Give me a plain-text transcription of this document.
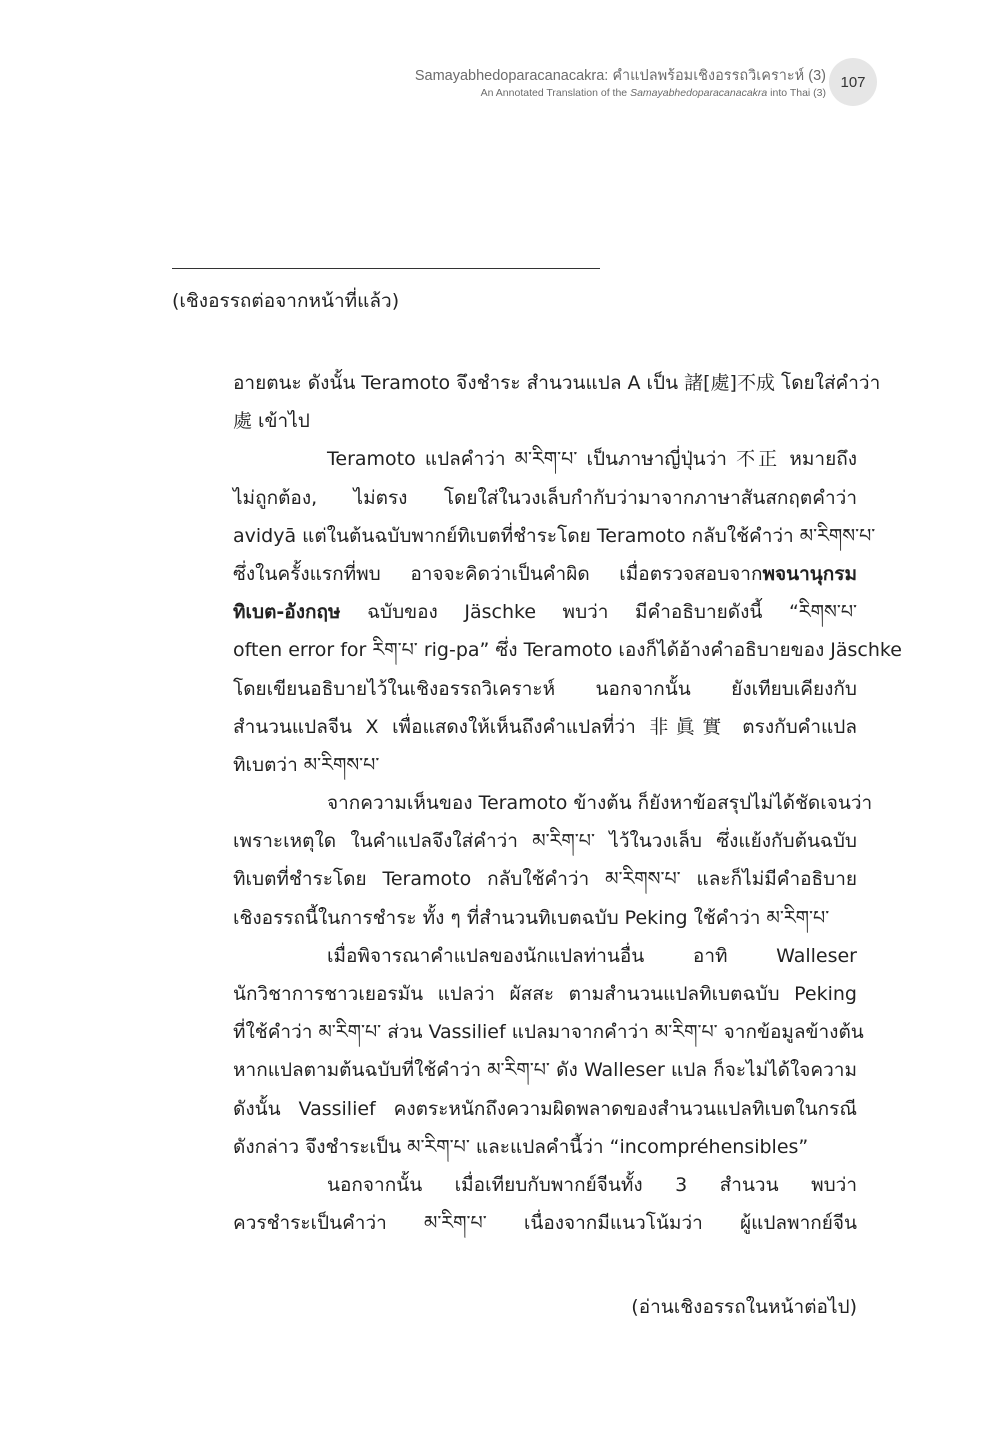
Samayabhedoparacanacakra: คำแปลพร้อมเชิงอรรถวิเคราะห์ (3)
An Annotated Translation of the Samayabhedoparacanacakra into Thai (3)
107
(เชิงอรรถต่อจากหน้าที่แล้ว)
อายตนะ ดังนั้น Teramoto จึงชำระ สำนวนแปล A เป็น 諸[處]不成 โดยใส่คำว่า
處 เข้าไป
Teramoto แปลคำว่า མ་རིག་པ་ เป็นภาษาญี่ปุ่นว่า 不正 หมายถึง
ไม่ถูกต้อง, ไม่ตรง โดยใส่ในวงเล็บกำกับว่ามาจากภาษาสันสกฤตคำว่า
avidyā แต่ในต้นฉบับพากย์ทิเบตที่ชำระโดย Teramoto กลับใช้คำว่า མ་རིགས་པ་
ซึ่งในครั้งแรกที่พบ อาจจะคิดว่าเป็นคำผิด เมื่อตรวจสอบจากพจนานุกรม
ทิเบต-อังกฤษ ฉบับของ Jäschke พบว่า มีคำอธิบายดังนี้ “རིགས་པ་
often error for རིག་པ་ rig-pa” ซึ่ง Teramoto เองก็ได้อ้างคำอธิบายของ Jäschke
โดยเขียนอธิบายไว้ในเชิงอรรถวิเคราะห์ นอกจากนั้น ยังเทียบเคียงกับ
สำนวนแปลจีน X เพื่อแสดงให้เห็นถึงคำแปลที่ว่า 非眞實 ตรงกับคำแปล
ทิเบตว่า མ་རིགས་པ་
จากความเห็นของ Teramoto ข้างต้น ก็ยังหาข้อสรุปไม่ได้ชัดเจนว่า
เพราะเหตุใด ในคำแปลจึงใส่คำว่า མ་རིག་པ་ ไว้ในวงเล็บ ซึ่งแย้งกับต้นฉบับ
ทิเบตที่ชำระโดย Teramoto กลับใช้คำว่า མ་རིགས་པ་ และก็ไม่มีคำอธิบาย
เชิงอรรถนี้ในการชำระ ทั้ง ๆ ที่สำนวนทิเบตฉบับ Peking ใช้คำว่า མ་རིག་པ་
เมื่อพิจารณาคำแปลของนักแปลท่านอื่น อาทิ Walleser
นักวิชาการชาวเยอรมัน แปลว่า ผัสสะ ตามสำนวนแปลทิเบตฉบับ Peking
ที่ใช้คำว่า མ་རིག་པ་ ส่วน Vassilief แปลมาจากคำว่า མ་རིག་པ་ จากข้อมูลข้างต้น
หากแปลตามต้นฉบับที่ใช้คำว่า མ་རིག་པ་ ดัง Walleser แปล ก็จะไม่ได้ใจความ
ดังนั้น Vassilief คงตระหนักถึงความผิดพลาดของสำนวนแปลทิเบตในกรณี
ดังกล่าว จึงชำระเป็น མ་རིག་པ་ และแปลคำนี้ว่า “incompréhensibles”
นอกจากนั้น เมื่อเทียบกับพากย์จีนทั้ง 3 สำนวน พบว่า
ควรชำระเป็นคำว่า མ་རིག་པ་ เนื่องจากมีแนวโน้มว่า ผู้แปลพากย์จีน
(อ่านเชิงอรรถในหน้าต่อไป)
